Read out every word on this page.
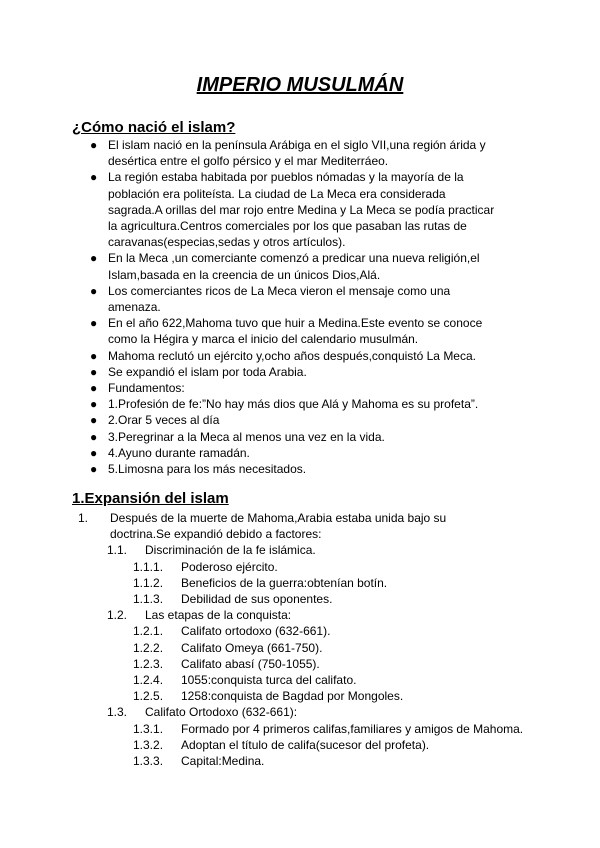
IMPERIO MUSULMÁN
¿Cómo nació el islam?
● El islam nació en la península Arábiga en el siglo VII,una región árida y desértica entre el golfo pérsico y el mar Mediterráeo.
● La región estaba habitada por pueblos nómadas y la mayoría de la población era politeísta. La ciudad de La Meca era considerada sagrada.A orillas del mar rojo entre Medina y La Meca se podía practicar la agricultura.Centros comerciales por los que pasaban las rutas de caravanas(especias,sedas y otros artículos).
● En la Meca ,un comerciante comenzó a predicar una nueva religión,el Islam,basada en la creencia de un únicos Dios,Alá.
● Los comerciantes ricos de La Meca vieron el mensaje como una amenaza.
● En el año 622,Mahoma tuvo que huir a Medina.Este evento se conoce como la Hégira y marca el inicio del calendario musulmán.
● Mahoma reclutó un ejército y,ocho años después,conquistó La Meca.
● Se expandió el islam por toda Arabia.
● Fundamentos:
● 1.Profesión de fe:”No hay más dios que Alá y Mahoma es su profeta”.
● 2.Orar 5 veces al día
● 3.Peregrinar a la Meca al menos una vez en la vida.
● 4.Ayuno durante ramadán.
● 5.Limosna para los más necesitados.
1.Expansión del islam
1. Después de la muerte de Mahoma,Arabia estaba unida bajo su doctrina.Se expandió debido a factores:
1.1. Discriminación de la fe islámica.
1.1.1. Poderoso ejército.
1.1.2. Beneficios de la guerra:obtenían botín.
1.1.3. Debilidad de sus oponentes.
1.2. Las etapas de la conquista:
1.2.1. Califato ortodoxo (632-661).
1.2.2. Califato Omeya (661-750).
1.2.3. Califato abasí (750-1055).
1.2.4. 1055:conquista turca del califato.
1.2.5. 1258:conquista de Bagdad por Mongoles.
1.3. Califato Ortodoxo (632-661):
1.3.1. Formado por 4 primeros califas,familiares y amigos de Mahoma.
1.3.2. Adoptan el título de califa(sucesor del profeta).
1.3.3. Capital:Medina.
